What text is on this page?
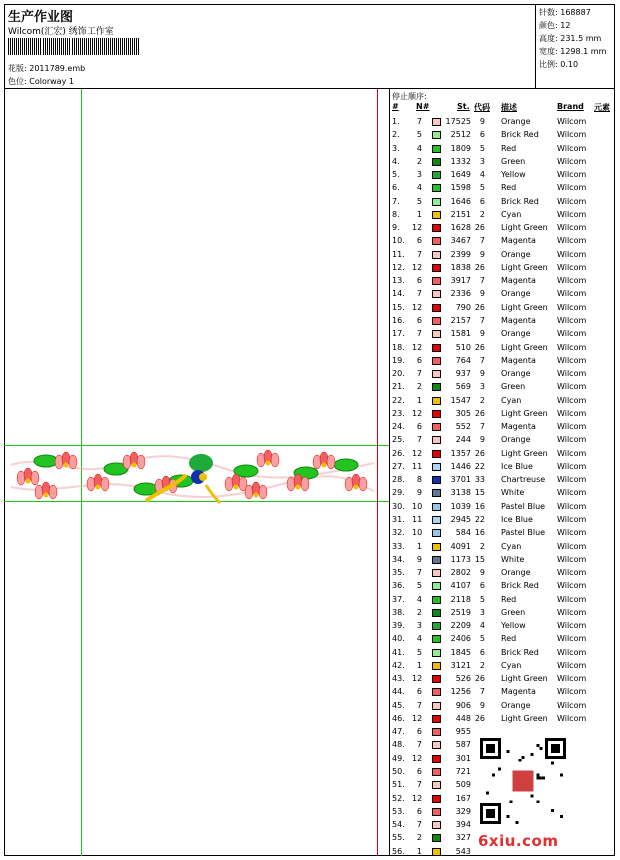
生产作业图
Wilcom(汇宏) 绣饰工作室
花版: 2011789.emb
色位: Colorway 1
针数: 168887
颜色: 12
高度: 231.5 mm
宽度: 1298.1 mm
比例: 0.10
停止顺序:
# N#	St. 代码 描述	Brand 元素
1.	7	17525	9 Orange	Wilcom
2.	5	2512	6 Brick Red Wilcom
3.	4	1809	5 Red	Wilcom
4.	2	1332	3 Green	Wilcom
5.	3	1649	4 Yellow	Wilcom
6.	4	1598	5 Red	Wilcom
7.	5	1646	6 Brick Red Wilcom
8.	1	2151	2 Cyan	Wilcom
9. 12	1628 26 Light Green Wilcom
10.	6	3467	7 Magenta	Wilcom
11.	7	2399	9 Orange	Wilcom
12. 12	1838 26 Light Green Wilcom
13.	6	3917	7 Magenta	Wilcom
14.	7	2336	9 Orange	Wilcom
15. 12	790 26 Light Green Wilcom
16.	6	2157	7 Magenta	Wilcom
17.	7	1581	9 Orange	Wilcom
18. 12	510 26 Light Green Wilcom
19.	6	764	7 Magenta	Wilcom
20.	7	937	9 Orange	Wilcom
21.	2	569	3 Green	Wilcom
22.	1	1547	2 Cyan	Wilcom
23. 12	305 26 Light Green Wilcom
24.	6	552	7 Magenta	Wilcom
25.	7	244	9 Orange	Wilcom
26. 12	1357 26 Light Green Wilcom
27. 11	1446 22 Ice Blue	Wilcom
28.	8	3701 33 Chartreuse Wilcom
29.	9	3138 15 White	Wilcom
30. 10	1039 16 Pastel Blue Wilcom
31. 11	2945 22 Ice Blue	Wilcom
32. 10	584 16 Pastel Blue Wilcom
33.	1	4091	2 Cyan	Wilcom
34.	9	1173 15 White	Wilcom
35.	7	2802	9 Orange	Wilcom
36.	5	4107	6 Brick Red Wilcom
37.	4	2118	5 Red	Wilcom
38.	2	2519	3 Green	Wilcom
39.	3	2209	4 Yellow	Wilcom
40.	4	2406	5 Red	Wilcom
41.	5	1845	6 Brick Red Wilcom
42.	1	3121	2 Cyan	Wilcom
43. 12	526 26 Light Green Wilcom
44.	6	1256	7 Magenta	Wilcom
45.	7	906	9 Orange	Wilcom
46. 12	448 26 Light Green Wilcom
47.	6	955
48.	7	587
49. 12	301
50.	6	721
51.	7	509
52. 12	167
53.	6	329
54.	7	394
55.	2	327
56.	1	543
6xiu.com
